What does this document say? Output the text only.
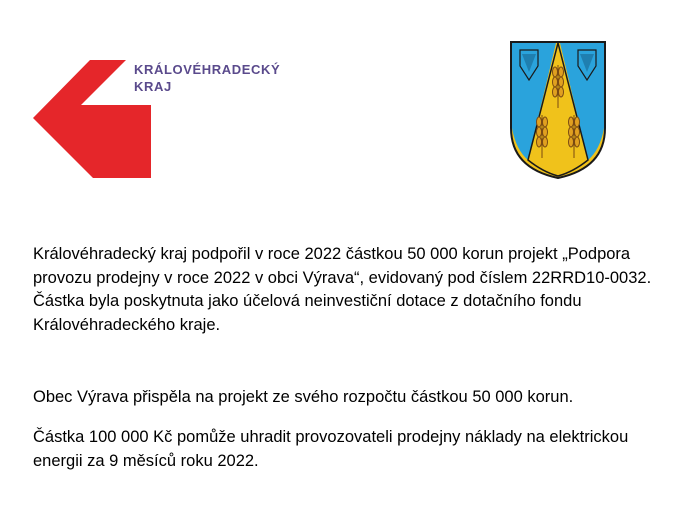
KRÁLOVÉHRADECKÝ
KRAJ

Královéhradecký kraj podpořil v roce 2022 částkou 50 000 korun projekt „Podpora provozu prodejny v roce 2022 v obci Výrava“, evidovaný pod číslem 22RRD10-0032. Částka byla poskytnuta jako účelová neinvestiční dotace z dotačního fondu Královéhradeckého kraje.

Obec Výrava přispěla na projekt ze svého rozpočtu částkou 50 000 korun.

Částka 100 000 Kč pomůže uhradit provozovateli prodejny náklady na elektrickou energii za 9 měsíců roku 2022.
